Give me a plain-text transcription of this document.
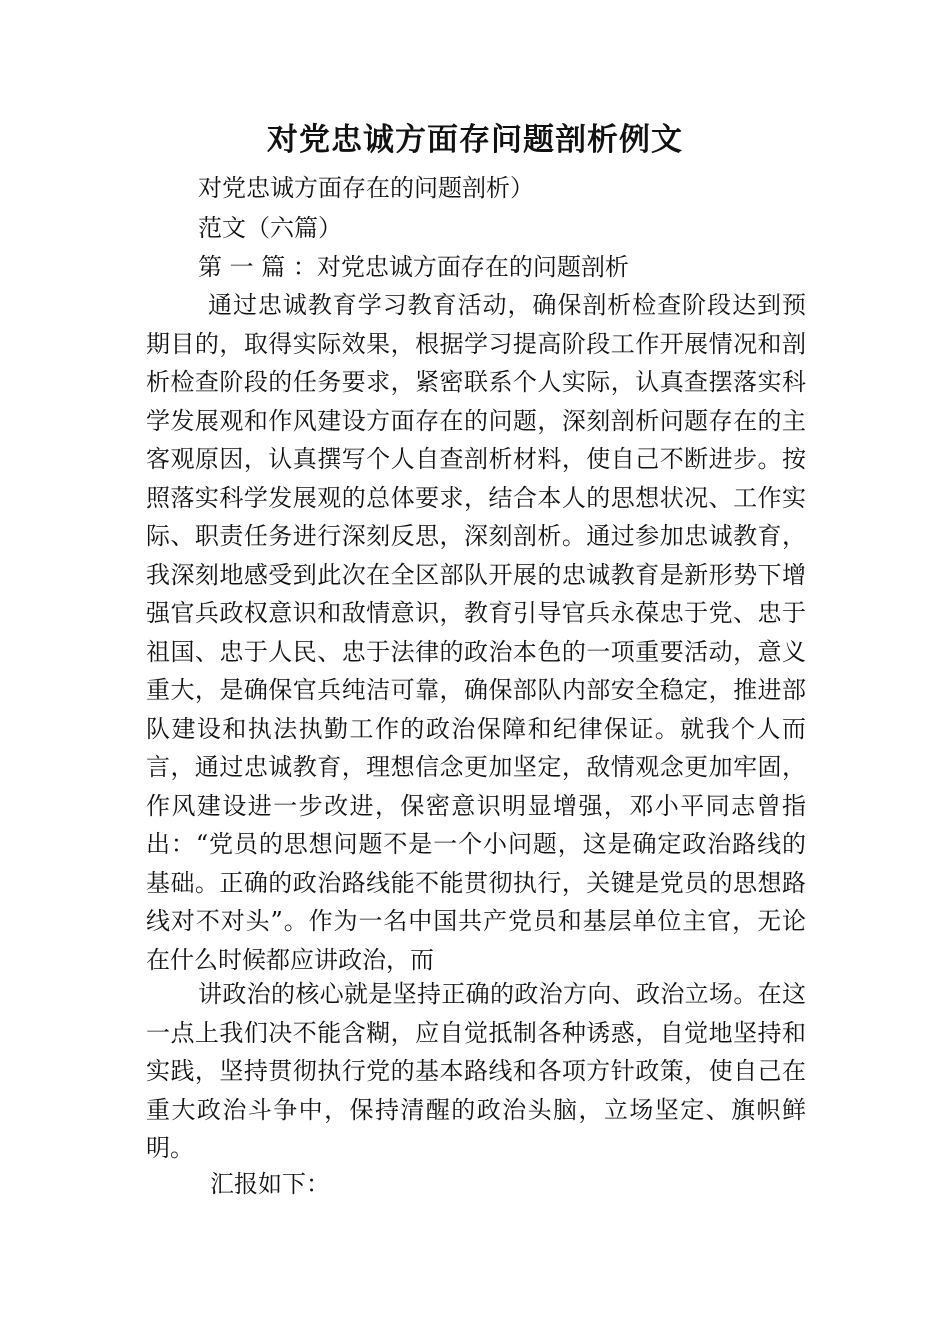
对党忠诚方面存问题剖析例文
对党忠诚方面存在的问题剖析）
范文（六篇）
第 一 篇 ：对党忠诚方面存在的问题剖析
通过忠诚教育学习教育活动，确保剖析检查阶段达到预期目的，取得实际效果，根据学习提高阶段工作开展情况和剖析检查阶段的任务要求，紧密联系个人实际，认真查摆落实科学发展观和作风建设方面存在的问题，深刻剖析问题存在的主客观原因，认真撰写个人自查剖析材料，使自己不断进步。按照落实科学发展观的总体要求，结合本人的思想状况、工作实际、职责任务进行深刻反思，深刻剖析。通过参加忠诚教育，我深刻地感受到此次在全区部队开展的忠诚教育是新形势下增强官兵政权意识和敌情意识，教育引导官兵永葆忠于党、忠于祖国、忠于人民、忠于法律的政治本色的一项重要活动，意义重大，是确保官兵纯洁可靠，确保部队内部安全稳定，推进部队建设和执法执勤工作的政治保障和纪律保证。就我个人而言，通过忠诚教育，理想信念更加坚定，敌情观念更加牢固，作风建设进一步改进，保密意识明显增强，邓小平同志曾指出：“党员的思想问题不是一个小问题，这是确定政治路线的基础。正确的政治路线能不能贯彻执行，关键是党员的思想路线对不对头”。作为一名中国共产党员和基层单位主官，无论在什么时候都应讲政治，而
讲政治的核心就是坚持正确的政治方向、政治立场。在这一点上我们决不能含糊，应自觉抵制各种诱惑，自觉地坚持和实践，坚持贯彻执行党的基本路线和各项方针政策，使自己在重大政治斗争中，保持清醒的政治头脑，立场坚定、旗帜鲜明。
汇报如下：
